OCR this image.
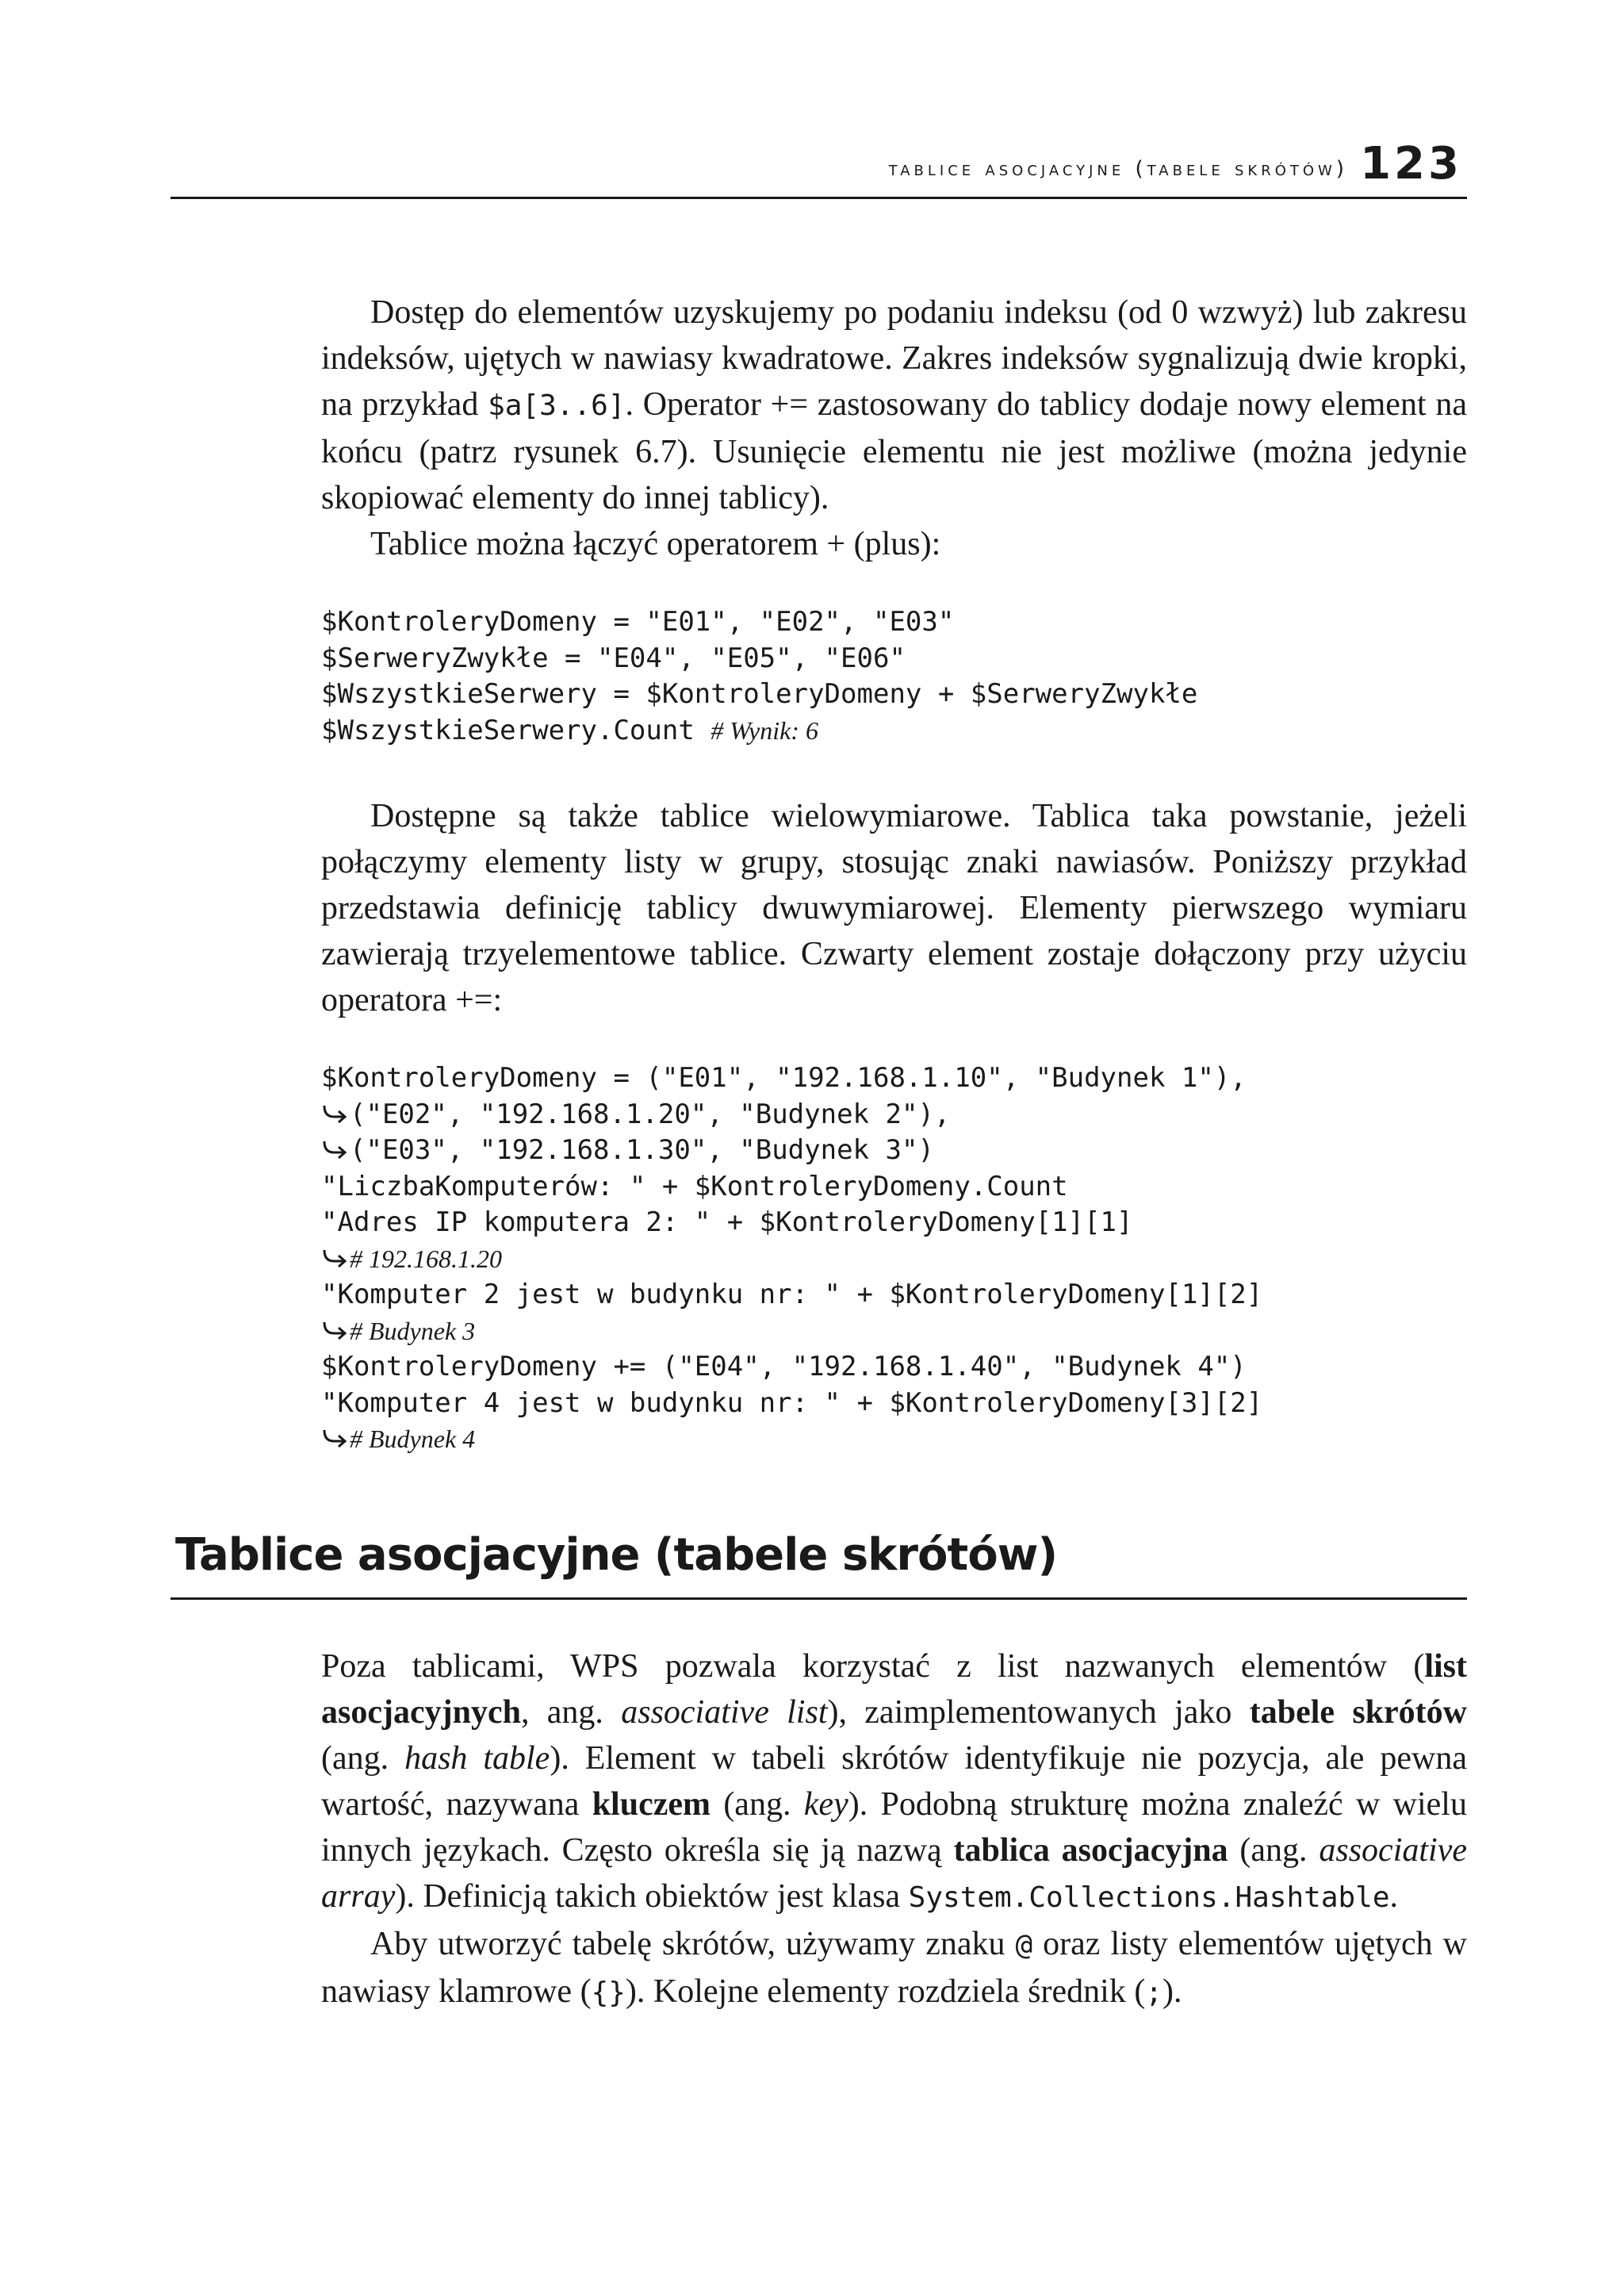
tablice asocjacyjne (tabele skrótów) 123

Dostęp do elementów uzyskujemy po podaniu indeksu (od 0 wzwyż) lub zakresu indeksów, ujętych w nawiasy kwadratowe. Zakres indeksów sygnalizują dwie kropki, na przykład $a[3..6]. Operator += zastosowany do tablicy dodaje nowy element na końcu (patrz rysunek 6.7). Usunięcie elementu nie jest możliwe (można jedynie skopiować elementy do innej tablicy).

Tablice można łączyć operatorem + (plus):

$KontroleryDomeny = "E01", "E02", "E03"
$SerweryZwykłe = "E04", "E05", "E06"
$WszystkieSerwery = $KontroleryDomeny + $SerweryZwykłe
$WszystkieSerwery.Count # Wynik: 6

Dostępne są także tablice wielowymiarowe. Tablica taka powstanie, jeżeli połączymy elementy listy w grupy, stosując znaki nawiasów. Poniższy przykład przedstawia definicję tablicy dwuwymiarowej. Elementy pierwszego wymiaru zawierają trzyelementowe tablice. Czwarty element zostaje dołączony przy użyciu operatora +=:

$KontroleryDomeny = ("E01", "192.168.1.10", "Budynek 1"),
("E02", "192.168.1.20", "Budynek 2"),
("E03", "192.168.1.30", "Budynek 3")
"LiczbaKomputerów: " + $KontroleryDomeny.Count
"Adres IP komputera 2: " + $KontroleryDomeny[1][1]
# 192.168.1.20
"Komputer 2 jest w budynku nr: " + $KontroleryDomeny[1][2]
# Budynek 3
$KontroleryDomeny += ("E04", "192.168.1.40", "Budynek 4")
"Komputer 4 jest w budynku nr: " + $KontroleryDomeny[3][2]
# Budynek 4
Tablice asocjacyjne (tabele skrótów)

Poza tablicami, WPS pozwala korzystać z list nazwanych elementów (list asocjacyjnych, ang. associative list), zaimplementowanych jako tabele skrótów (ang. hash table). Element w tabeli skrótów identyfikuje nie pozycja, ale pewna wartość, nazywana kluczem (ang. key). Podobną strukturę można znaleźć w wielu innych językach. Często określa się ją nazwą tablica asocjacyjna (ang. associative array). Definicją takich obiektów jest klasa System.Collections.Hashtable.

Aby utworzyć tabelę skrótów, używamy znaku @ oraz listy elementów ujętych w nawiasy klamrowe ({}). Kolejne elementy rozdziela średnik (;).
